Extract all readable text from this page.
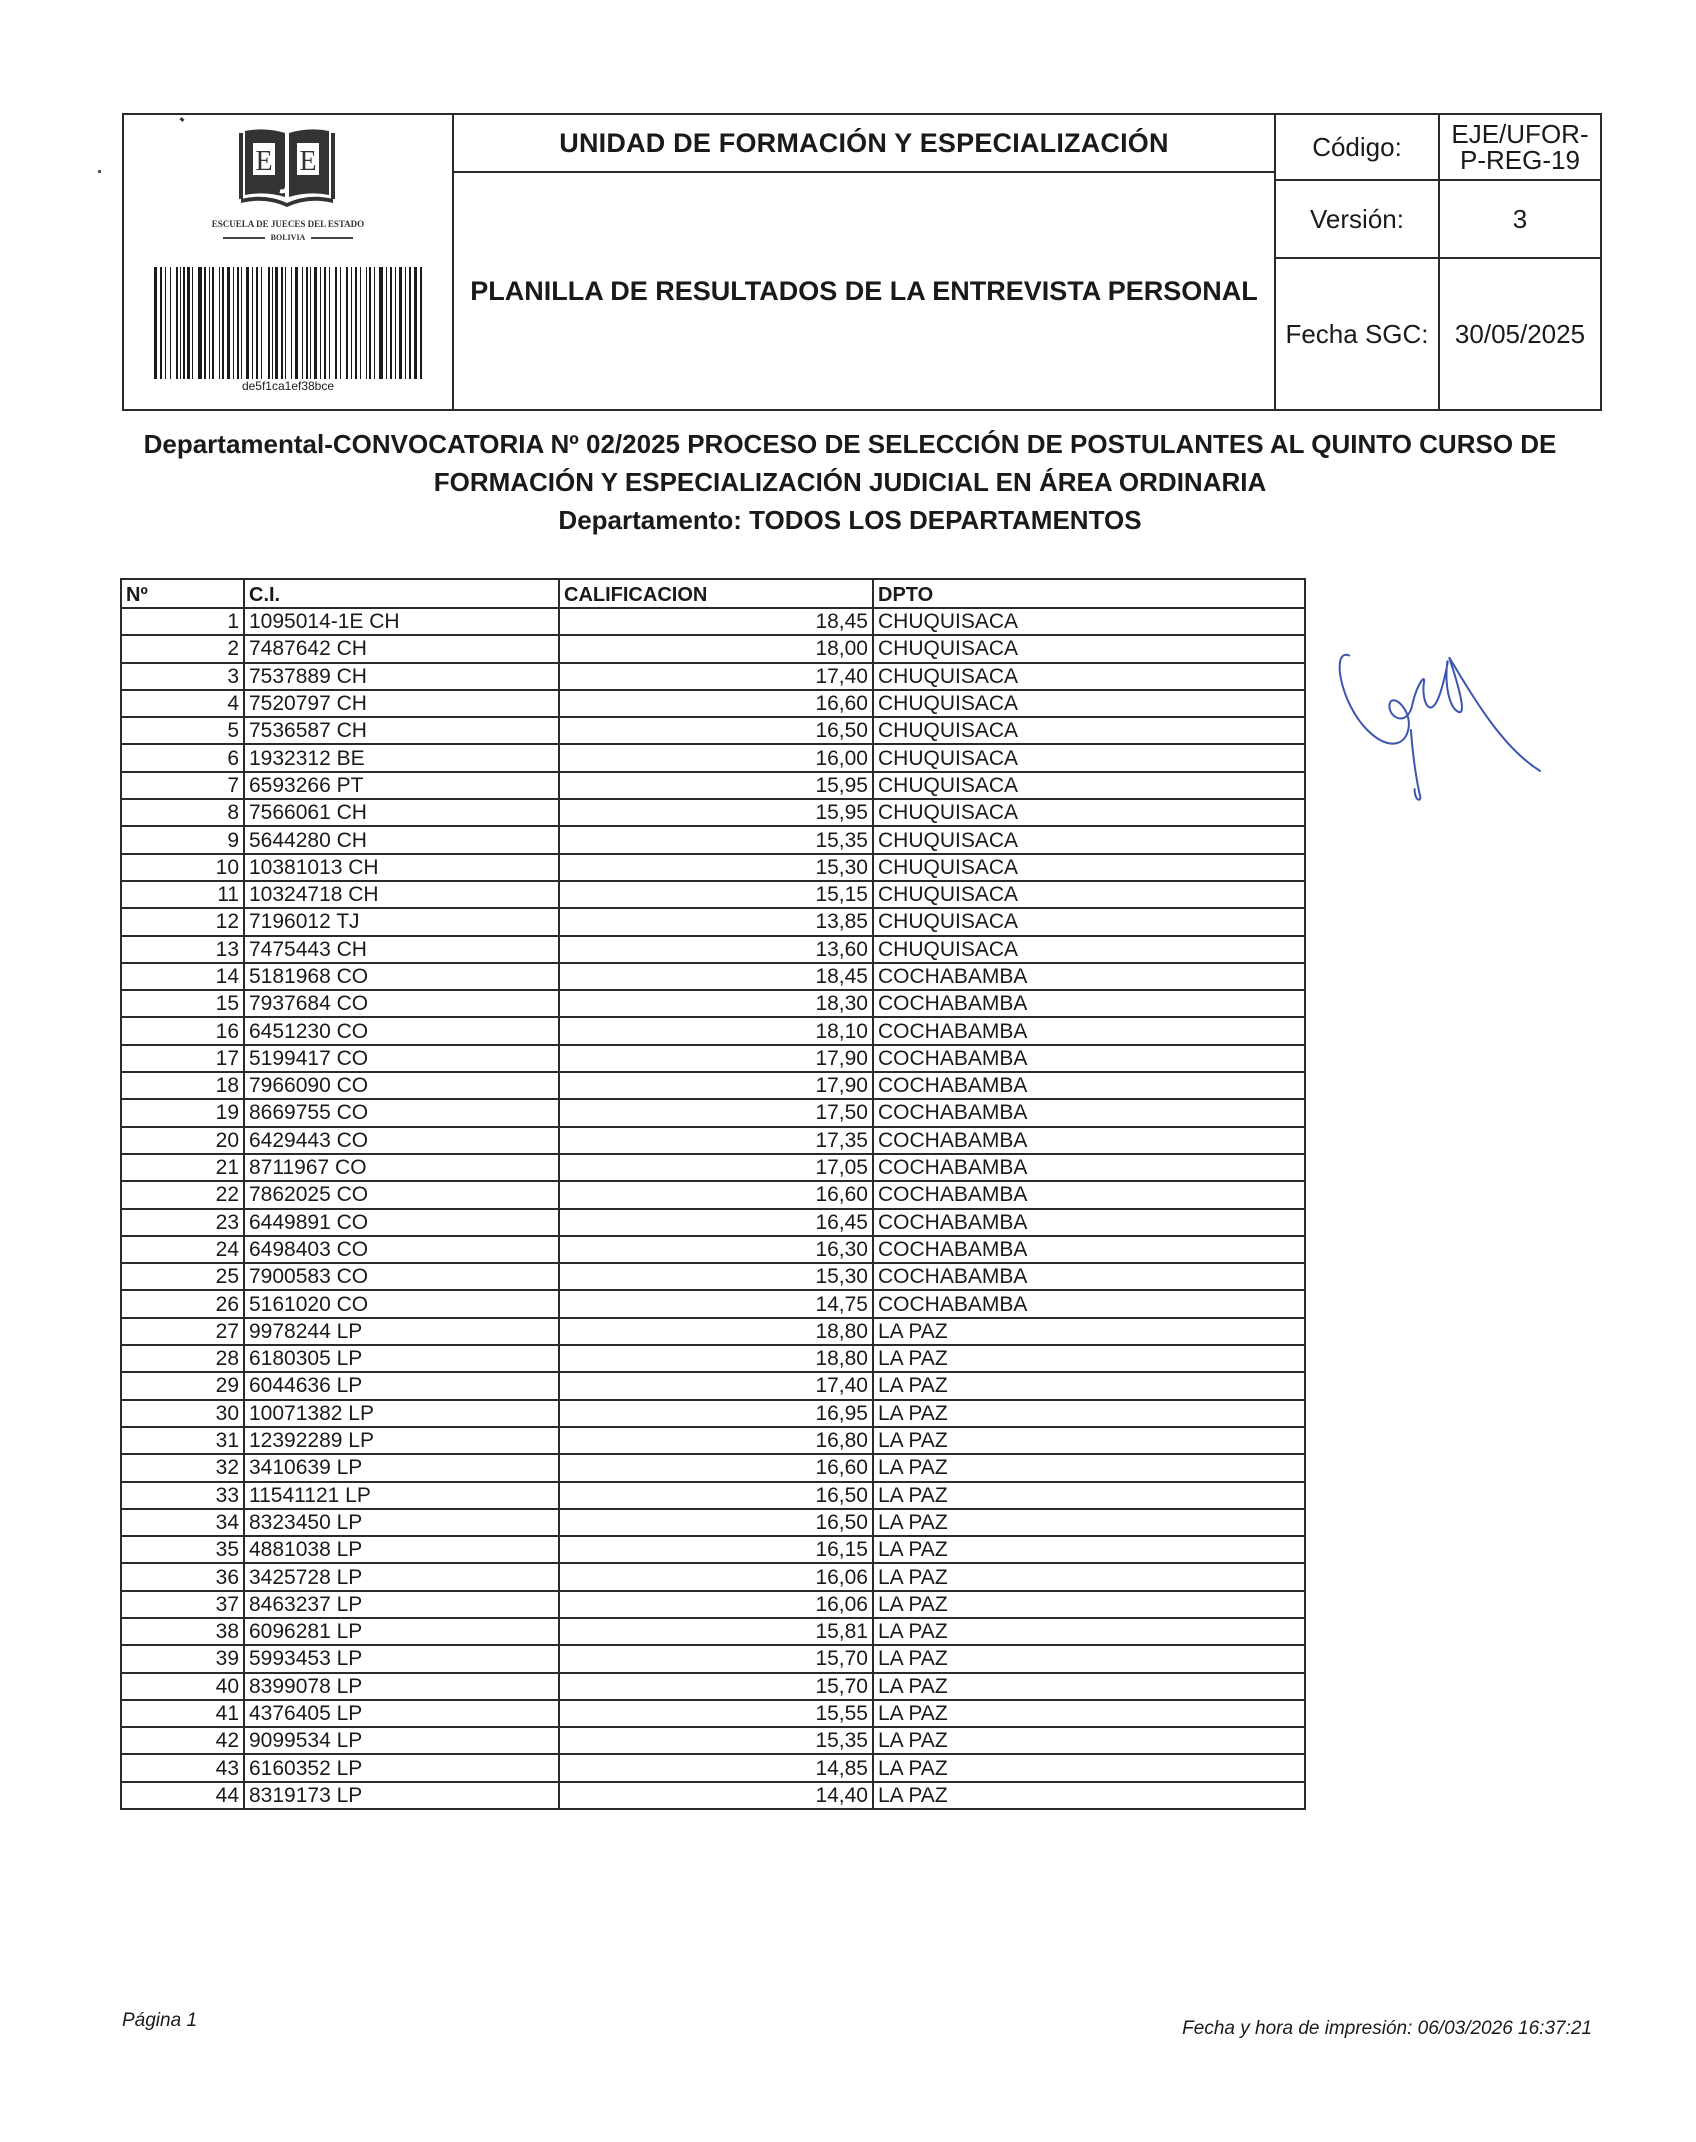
E E
ESCUELA DE JUECES DEL ESTADO
BOLIVIA
de5f1ca1ef38bce
UNIDAD DE FORMACIÓN Y ESPECIALIZACIÓN
PLANILLA DE RESULTADOS DE LA ENTREVISTA PERSONAL
Código:	EJE/UFOR-
P-REG-19
Versión:	3
Fecha SGC:	30/05/2025
Departamental-CONVOCATORIA Nº 02/2025 PROCESO DE SELECCIÓN DE POSTULANTES AL QUINTO CURSO DE
FORMACIÓN Y ESPECIALIZACIÓN JUDICIAL EN ÁREA ORDINARIA
Departamento: TODOS LOS DEPARTAMENTOS
Nº	C.I.	CALIFICACION	DPTO
1	1095014-1E CH	18,45	CHUQUISACA
2	7487642 CH	18,00	CHUQUISACA
3	7537889 CH	17,40	CHUQUISACA
4	7520797 CH	16,60	CHUQUISACA
5	7536587 CH	16,50	CHUQUISACA
6	1932312 BE	16,00	CHUQUISACA
7	6593266 PT	15,95	CHUQUISACA
8	7566061 CH	15,95	CHUQUISACA
9	5644280 CH	15,35	CHUQUISACA
10	10381013 CH	15,30	CHUQUISACA
11	10324718 CH	15,15	CHUQUISACA
12	7196012 TJ	13,85	CHUQUISACA
13	7475443 CH	13,60	CHUQUISACA
14	5181968 CO	18,45	COCHABAMBA
15	7937684 CO	18,30	COCHABAMBA
16	6451230 CO	18,10	COCHABAMBA
17	5199417 CO	17,90	COCHABAMBA
18	7966090 CO	17,90	COCHABAMBA
19	8669755 CO	17,50	COCHABAMBA
20	6429443 CO	17,35	COCHABAMBA
21	8711967 CO	17,05	COCHABAMBA
22	7862025 CO	16,60	COCHABAMBA
23	6449891 CO	16,45	COCHABAMBA
24	6498403 CO	16,30	COCHABAMBA
25	7900583 CO	15,30	COCHABAMBA
26	5161020 CO	14,75	COCHABAMBA
27	9978244 LP	18,80	LA PAZ
28	6180305 LP	18,80	LA PAZ
29	6044636 LP	17,40	LA PAZ
30	10071382 LP	16,95	LA PAZ
31	12392289 LP	16,80	LA PAZ
32	3410639 LP	16,60	LA PAZ
33	11541121 LP	16,50	LA PAZ
34	8323450 LP	16,50	LA PAZ
35	4881038 LP	16,15	LA PAZ
36	3425728 LP	16,06	LA PAZ
37	8463237 LP	16,06	LA PAZ
38	6096281 LP	15,81	LA PAZ
39	5993453 LP	15,70	LA PAZ
40	8399078 LP	15,70	LA PAZ
41	4376405 LP	15,55	LA PAZ
42	9099534 LP	15,35	LA PAZ
43	6160352 LP	14,85	LA PAZ
44	8319173 LP	14,40	LA PAZ
Página 1	Fecha y hora de impresión: 06/03/2026 16:37:21
